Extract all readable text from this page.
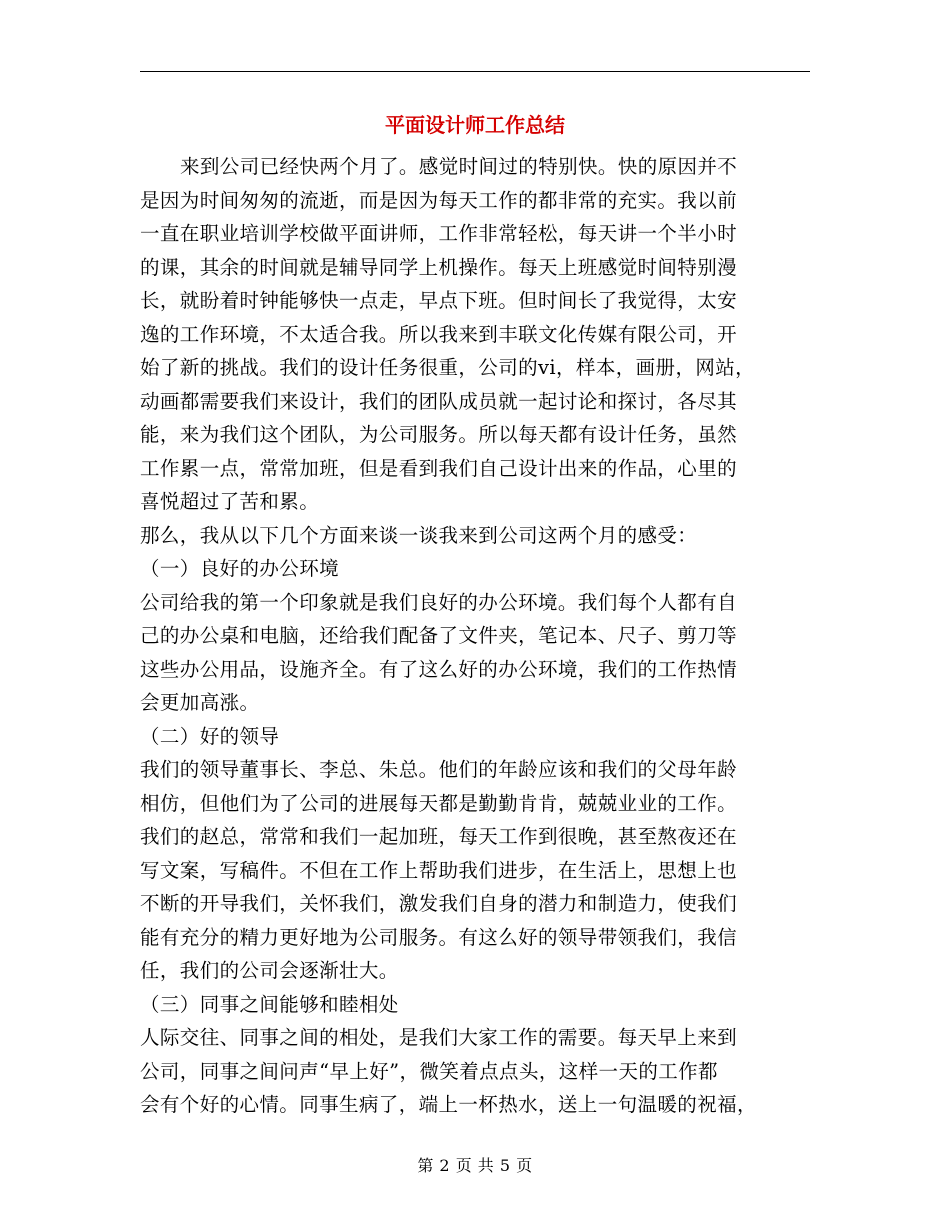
平面设计师工作总结
来到公司已经快两个月了。感觉时间过的特别快。快的原因并不
是因为时间匆匆的流逝，而是因为每天工作的都非常的充实。我以前
一直在职业培训学校做平面讲师，工作非常轻松，每天讲一个半小时
的课，其余的时间就是辅导同学上机操作。每天上班感觉时间特别漫
长，就盼着时钟能够快一点走，早点下班。但时间长了我觉得，太安
逸的工作环境，不太适合我。所以我来到丰联文化传媒有限公司，开
始了新的挑战。我们的设计任务很重，公司的vi，样本，画册，网站，
动画都需要我们来设计，我们的团队成员就一起讨论和探讨，各尽其
能，来为我们这个团队，为公司服务。所以每天都有设计任务，虽然
工作累一点，常常加班，但是看到我们自己设计出来的作品，心里的
喜悦超过了苦和累。
那么，我从以下几个方面来谈一谈我来到公司这两个月的感受：
（一）良好的办公环境
公司给我的第一个印象就是我们良好的办公环境。我们每个人都有自
己的办公桌和电脑，还给我们配备了文件夹，笔记本、尺子、剪刀等
这些办公用品，设施齐全。有了这么好的办公环境，我们的工作热情
会更加高涨。
（二）好的领导
我们的领导董事长、李总、朱总。他们的年龄应该和我们的父母年龄
相仿，但他们为了公司的进展每天都是勤勤肯肯，兢兢业业的工作。
我们的赵总，常常和我们一起加班，每天工作到很晚，甚至熬夜还在
写文案，写稿件。不但在工作上帮助我们进步，在生活上，思想上也
不断的开导我们，关怀我们，激发我们自身的潜力和制造力，使我们
能有充分的精力更好地为公司服务。有这么好的领导带领我们，我信
任，我们的公司会逐渐壮大。
（三）同事之间能够和睦相处
人际交往、同事之间的相处，是我们大家工作的需要。每天早上来到
公司，同事之间问声“早上好”，微笑着点点头，这样一天的工作都
会有个好的心情。同事生病了，端上一杯热水，送上一句温暖的祝福，
第 2 页 共 5 页
